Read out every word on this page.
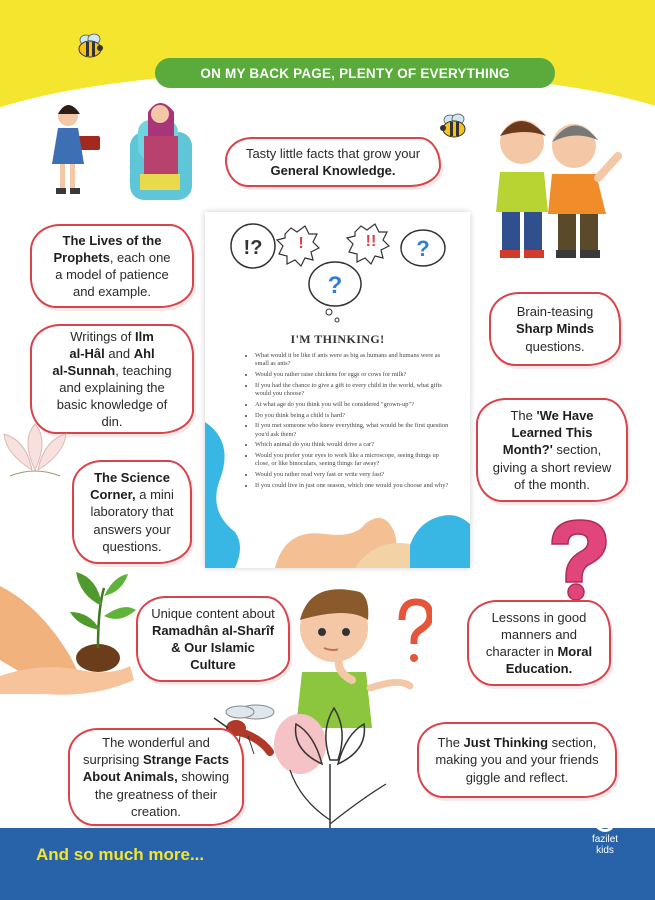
ON MY BACK PAGE, PLENTY OF EVERYTHING
Tasty little facts that grow your
General Knowledge.
The Lives of the
Prophets, each one
a model of patience
and example.
Writings of Ilm
al-Hâl and Ahl
al-Sunnah, teaching
and explaining the
basic knowledge of
din.
The Science
Corner, a mini
laboratory that
answers your
questions.
Brain-teasing
Sharp Minds
questions.
The 'We Have
Learned This
Month?' section,
giving a short review
of the month.
!? !	!! ?
?
I'M THINKING!
• What would it be like if ants were as big as humans and humans were as small as ants?
• Would you rather raise chickens for eggs or cows for milk?
• If you had the chance to give a gift to every child in the world, what gifts would you choose?
• At what age do you think you will be considered "grown-up"?
• Do you think being a child is hard?
• If you met someone who knew everything, what would be the first question you'd ask them?
• Which animal do you think would drive a car?
• Would you prefer your eyes to work like a microscope, seeing things up close, or like binoculars, seeing things far away?
• Would you rather read very fast or write very fast?
• If you could live in just one season, which one would you choose and why?
Unique content about
Ramadhân al-Sharîf
& Our Islamic
Culture
Lessons in good
manners and
character in Moral
Education.
The Just Thinking section,
making you and your friends
giggle and reflect.
The wonderful and
surprising Strange Facts
About Animals, showing
the greatness of their
creation.
And so much more...
fazilet
kids
